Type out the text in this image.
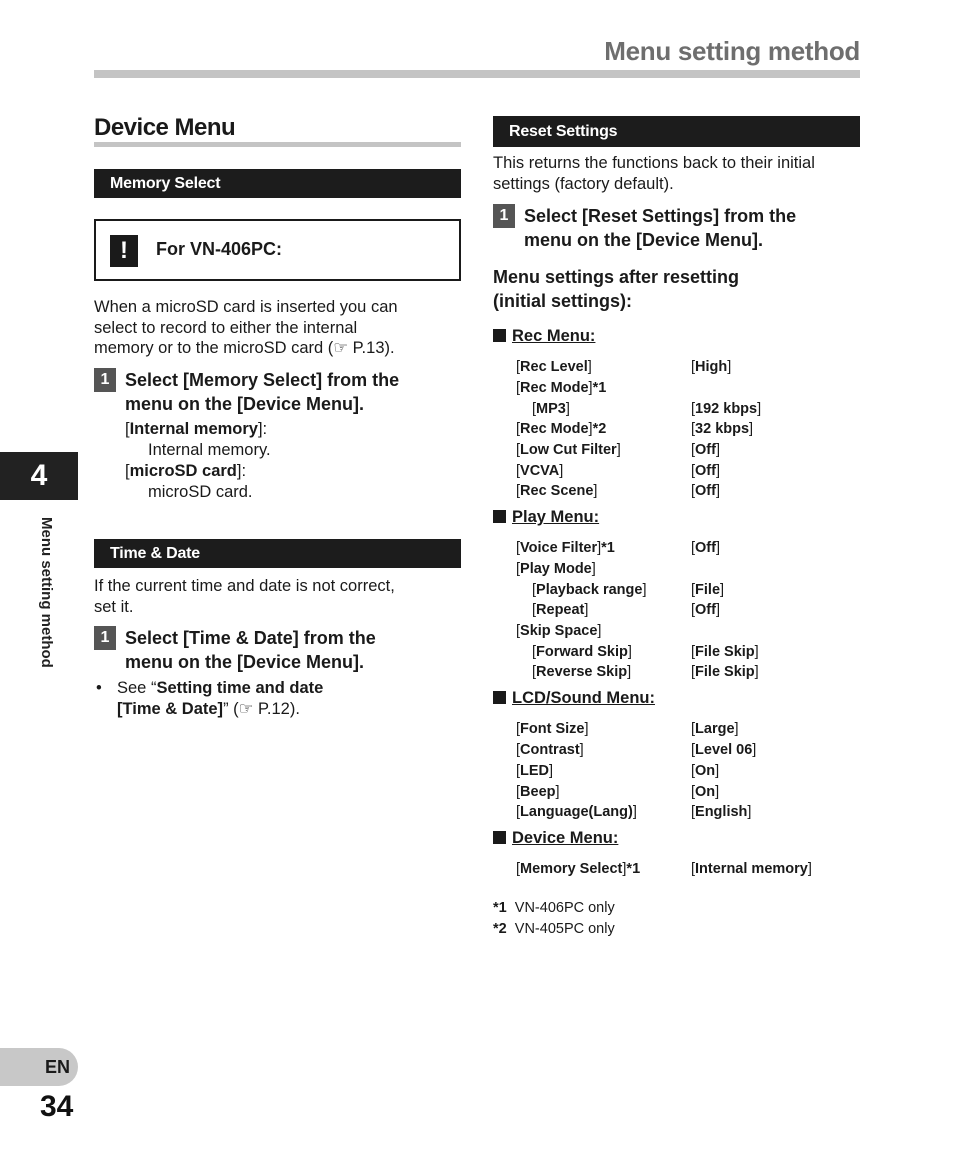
Menu setting method
4
Menu setting method
EN
34
Device Menu
Memory Select
!	For VN-406PC:
When a microSD card is inserted you can
select to record to either the internal
memory or to the microSD card (☞ P.13).
1 Select [Memory Select] from the
menu on the [Device Menu].
[Internal memory]:
Internal memory.
[microSD card]:
microSD card.
Time & Date
If the current time and date is not correct,
set it.
1 Select [Time & Date] from the
menu on the [Device Menu].
• See “Setting time and date
[Time & Date]” (☞ P.12).
Reset Settings
This returns the functions back to their initial
settings (factory default).
1 Select [Reset Settings] from the
menu on the [Device Menu].
Menu settings after resetting
(initial settings):
Rec Menu:
[Rec Level]	[High]
[Rec Mode]*1
[MP3]	[192 kbps]
[Rec Mode]*2	[32 kbps]
[Low Cut Filter]	[Off]
[VCVA]	[Off]
[Rec Scene]	[Off]
Play Menu:
[Voice Filter]*1	[Off]
[Play Mode]
[Playback range]	[File]
[Repeat]	[Off]
[Skip Space]
[Forward Skip]	[File Skip]
[Reverse Skip]	[File Skip]
LCD/Sound Menu:
[Font Size]	[Large]
[Contrast]	[Level 06]
[LED]	[On]
[Beep]	[On]
[Language(Lang)]	[English]
Device Menu:
[Memory Select]*1	[Internal memory]
*1 VN-406PC only
*2 VN-405PC only
